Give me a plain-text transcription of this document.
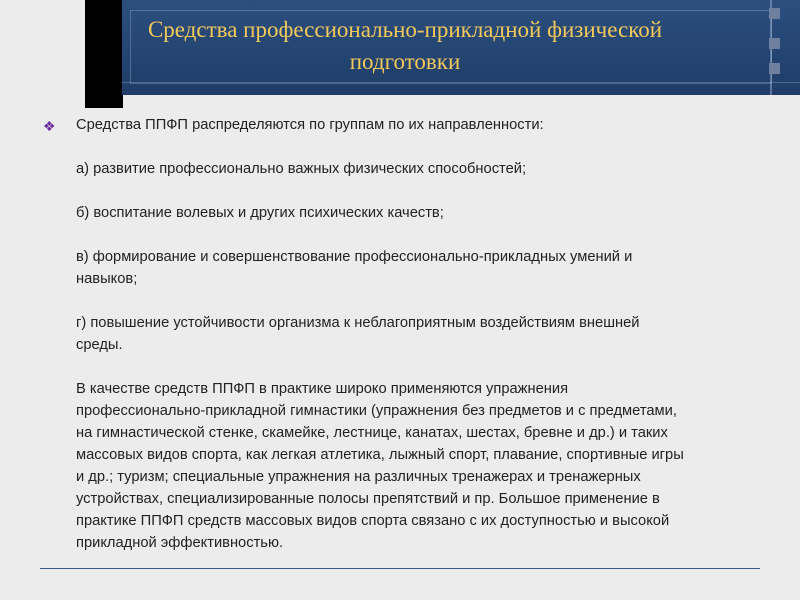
Средства профессионально-прикладной физической
подготовки
❖ Средства ППФП распределяются по группам по их направленности:

а) развитие профессионально важных физических способностей;

б) воспитание волевых и других психических качеств;

в) формирование и совершенствование профессионально-прикладных умений и

навыков;

г) повышение устойчивости организма к неблагоприятным воздействиям внешней

среды.

В качестве средств ППФП в практике широко применяются упражнения

профессионально-прикладной гимнастики (упражнения без предметов и с предметами,

на гимнастической стенке, скамейке, лестнице, канатах, шестах, бревне и др.) и таких

массовых видов спорта, как легкая атлетика, лыжный спорт, плавание, спортивные игры

и др.; туризм; специальные упражнения на различных тренажерах и тренажерных

устройствах, специализированные полосы препятствий и пр. Большое применение в

практике ППФП средств массовых видов спорта связано с их доступностью и высокой

прикладной эффективностью.
